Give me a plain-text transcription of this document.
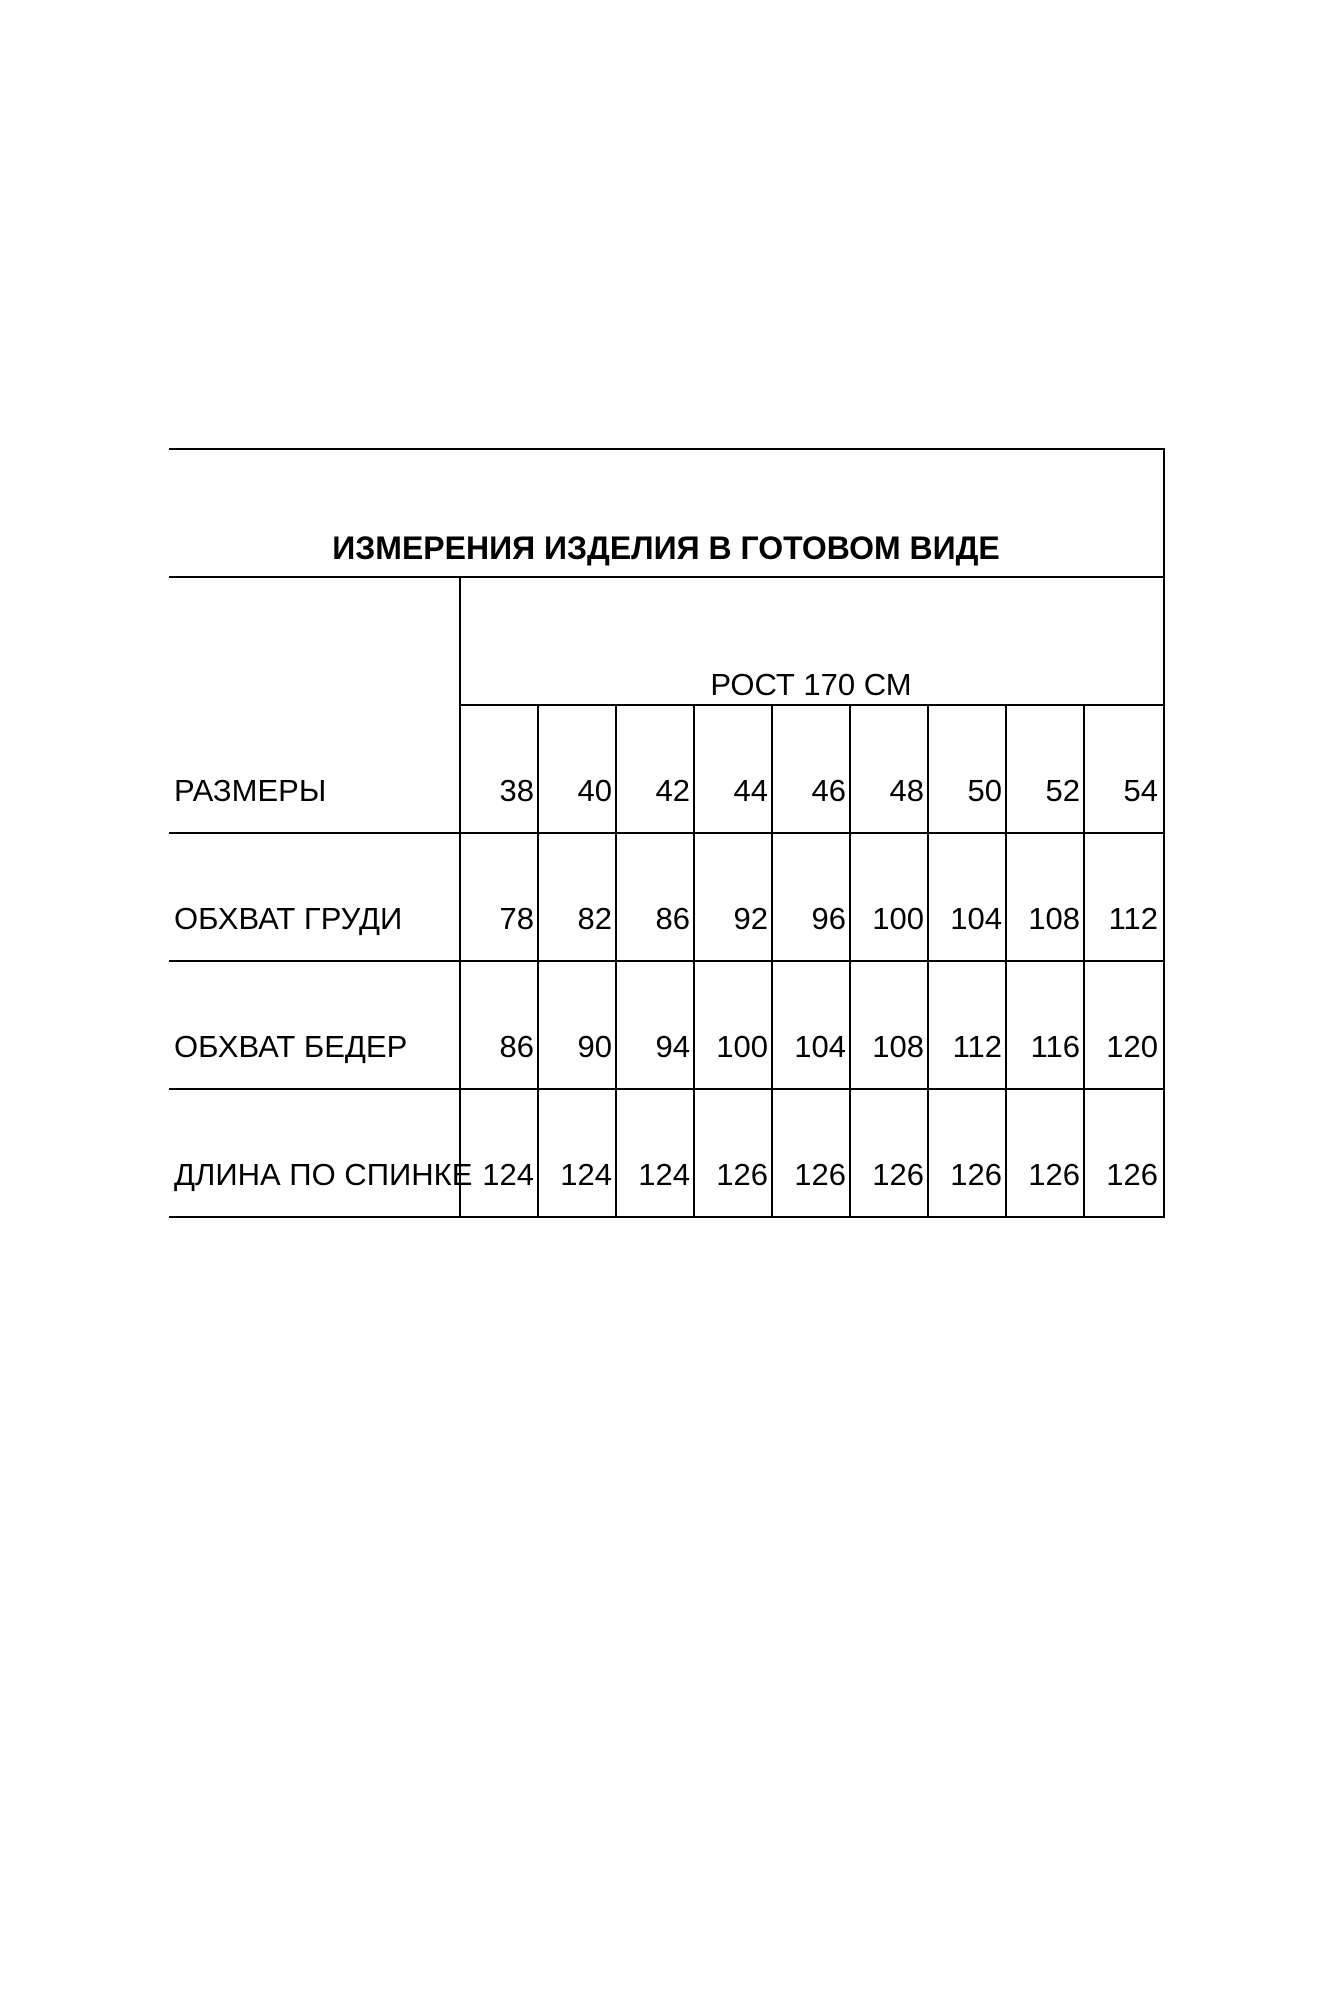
ИЗМЕРЕНИЯ ИЗДЕЛИЯ В ГОТОВОМ ВИДЕ
РОСТ 170 СМ
РАЗМЕРЫ	38	40	42	44	46	48	50	52	54
ОБХВАТ ГРУДИ	78	82	86	92	96 100 104 108 112
ОБХВАТ БЕДЕР	86	90	94 100 104 108 112 116 120
ДЛИНА ПО СПИНКЕ 124 124 124 126 126 126 126 126 126
